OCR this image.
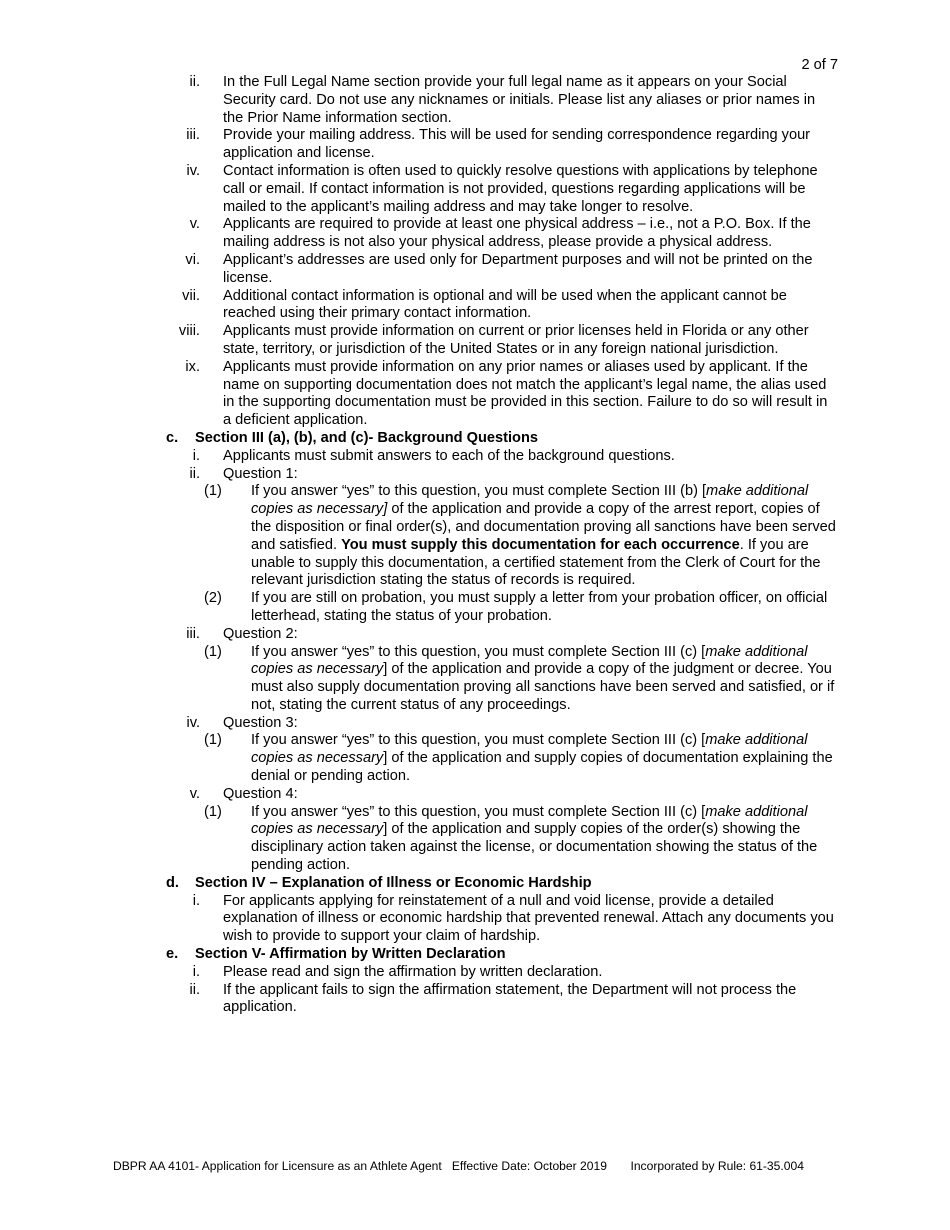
2 of 7
ii. In the Full Legal Name section provide your full legal name as it appears on your Social Security card. Do not use any nicknames or initials. Please list any aliases or prior names in the Prior Name information section.
iii. Provide your mailing address. This will be used for sending correspondence regarding your application and license.
iv. Contact information is often used to quickly resolve questions with applications by telephone call or email. If contact information is not provided, questions regarding applications will be mailed to the applicant’s mailing address and may take longer to resolve.
v. Applicants are required to provide at least one physical address – i.e., not a P.O. Box. If the mailing address is not also your physical address, please provide a physical address.
vi. Applicant’s addresses are used only for Department purposes and will not be printed on the license.
vii. Additional contact information is optional and will be used when the applicant cannot be reached using their primary contact information.
viii. Applicants must provide information on current or prior licenses held in Florida or any other state, territory, or jurisdiction of the United States or in any foreign national jurisdiction.
ix. Applicants must provide information on any prior names or aliases used by applicant. If the name on supporting documentation does not match the applicant’s legal name, the alias used in the supporting documentation must be provided in this section. Failure to do so will result in a deficient application.
c.	Section III (a), (b), and (c)- Background Questions
i. Applicants must submit answers to each of the background questions.
ii. Question 1:
(1)	If you answer “yes” to this question, you must complete Section III (b) [make additional copies as necessary] of the application and provide a copy of the arrest report, copies of the disposition or final order(s), and documentation proving all sanctions have been served and satisfied. You must supply this documentation for each occurrence. If you are unable to supply this documentation, a certified statement from the Clerk of Court for the relevant jurisdiction stating the status of records is required.
(2)	If you are still on probation, you must supply a letter from your probation officer, on official letterhead, stating the status of your probation.
iii. Question 2:
(1)	If you answer “yes” to this question, you must complete Section III (c) [make additional copies as necessary] of the application and provide a copy of the judgment or decree. You must also supply documentation proving all sanctions have been served and satisfied, or if not, stating the current status of any proceedings.
iv. Question 3:
(1)	If you answer “yes” to this question, you must complete Section III (c) [make additional copies as necessary] of the application and supply copies of documentation explaining the denial or pending action.
v. Question 4:
(1)	If you answer “yes” to this question, you must complete Section III (c) [make additional copies as necessary] of the application and supply copies of the order(s) showing the disciplinary action taken against the license, or documentation showing the status of the pending action.
d.	Section IV – Explanation of Illness or Economic Hardship
i. For applicants applying for reinstatement of a null and void license, provide a detailed explanation of illness or economic hardship that prevented renewal. Attach any documents you wish to provide to support your claim of hardship.
e.	Section V- Affirmation by Written Declaration
i. Please read and sign the affirmation by written declaration.
ii. If the applicant fails to sign the affirmation statement, the Department will not process the application.
DBPR AA 4101- Application for Licensure as an Athlete Agent Effective Date: October 2019 Incorporated by Rule: 61-35.004
